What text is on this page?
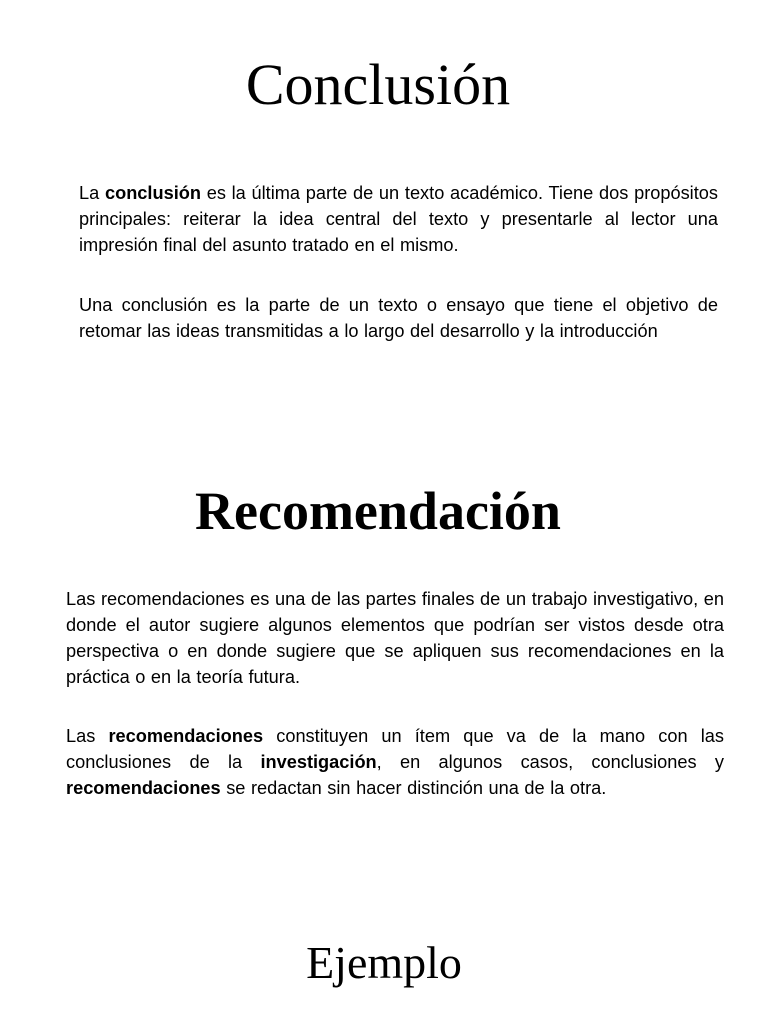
Conclusión

La conclusión es la última parte de un texto académico. Tiene dos propósitos principales: reiterar la idea central del texto y presentarle al lector una impresión final del asunto tratado en el mismo.

Una conclusión es la parte de un texto o ensayo que tiene el objetivo de retomar las ideas transmitidas a lo largo del desarrollo y la introducción

Recomendación

Las recomendaciones es una de las partes finales de un trabajo investigativo, en donde el autor sugiere algunos elementos que podrían ser vistos desde otra perspectiva o en donde sugiere que se apliquen sus recomendaciones en la práctica o en la teoría futura.

Las recomendaciones constituyen un ítem que va de la mano con las conclusiones de la investigación, en algunos casos, conclusiones y recomendaciones se redactan sin hacer distinción una de la otra.

Ejemplo
